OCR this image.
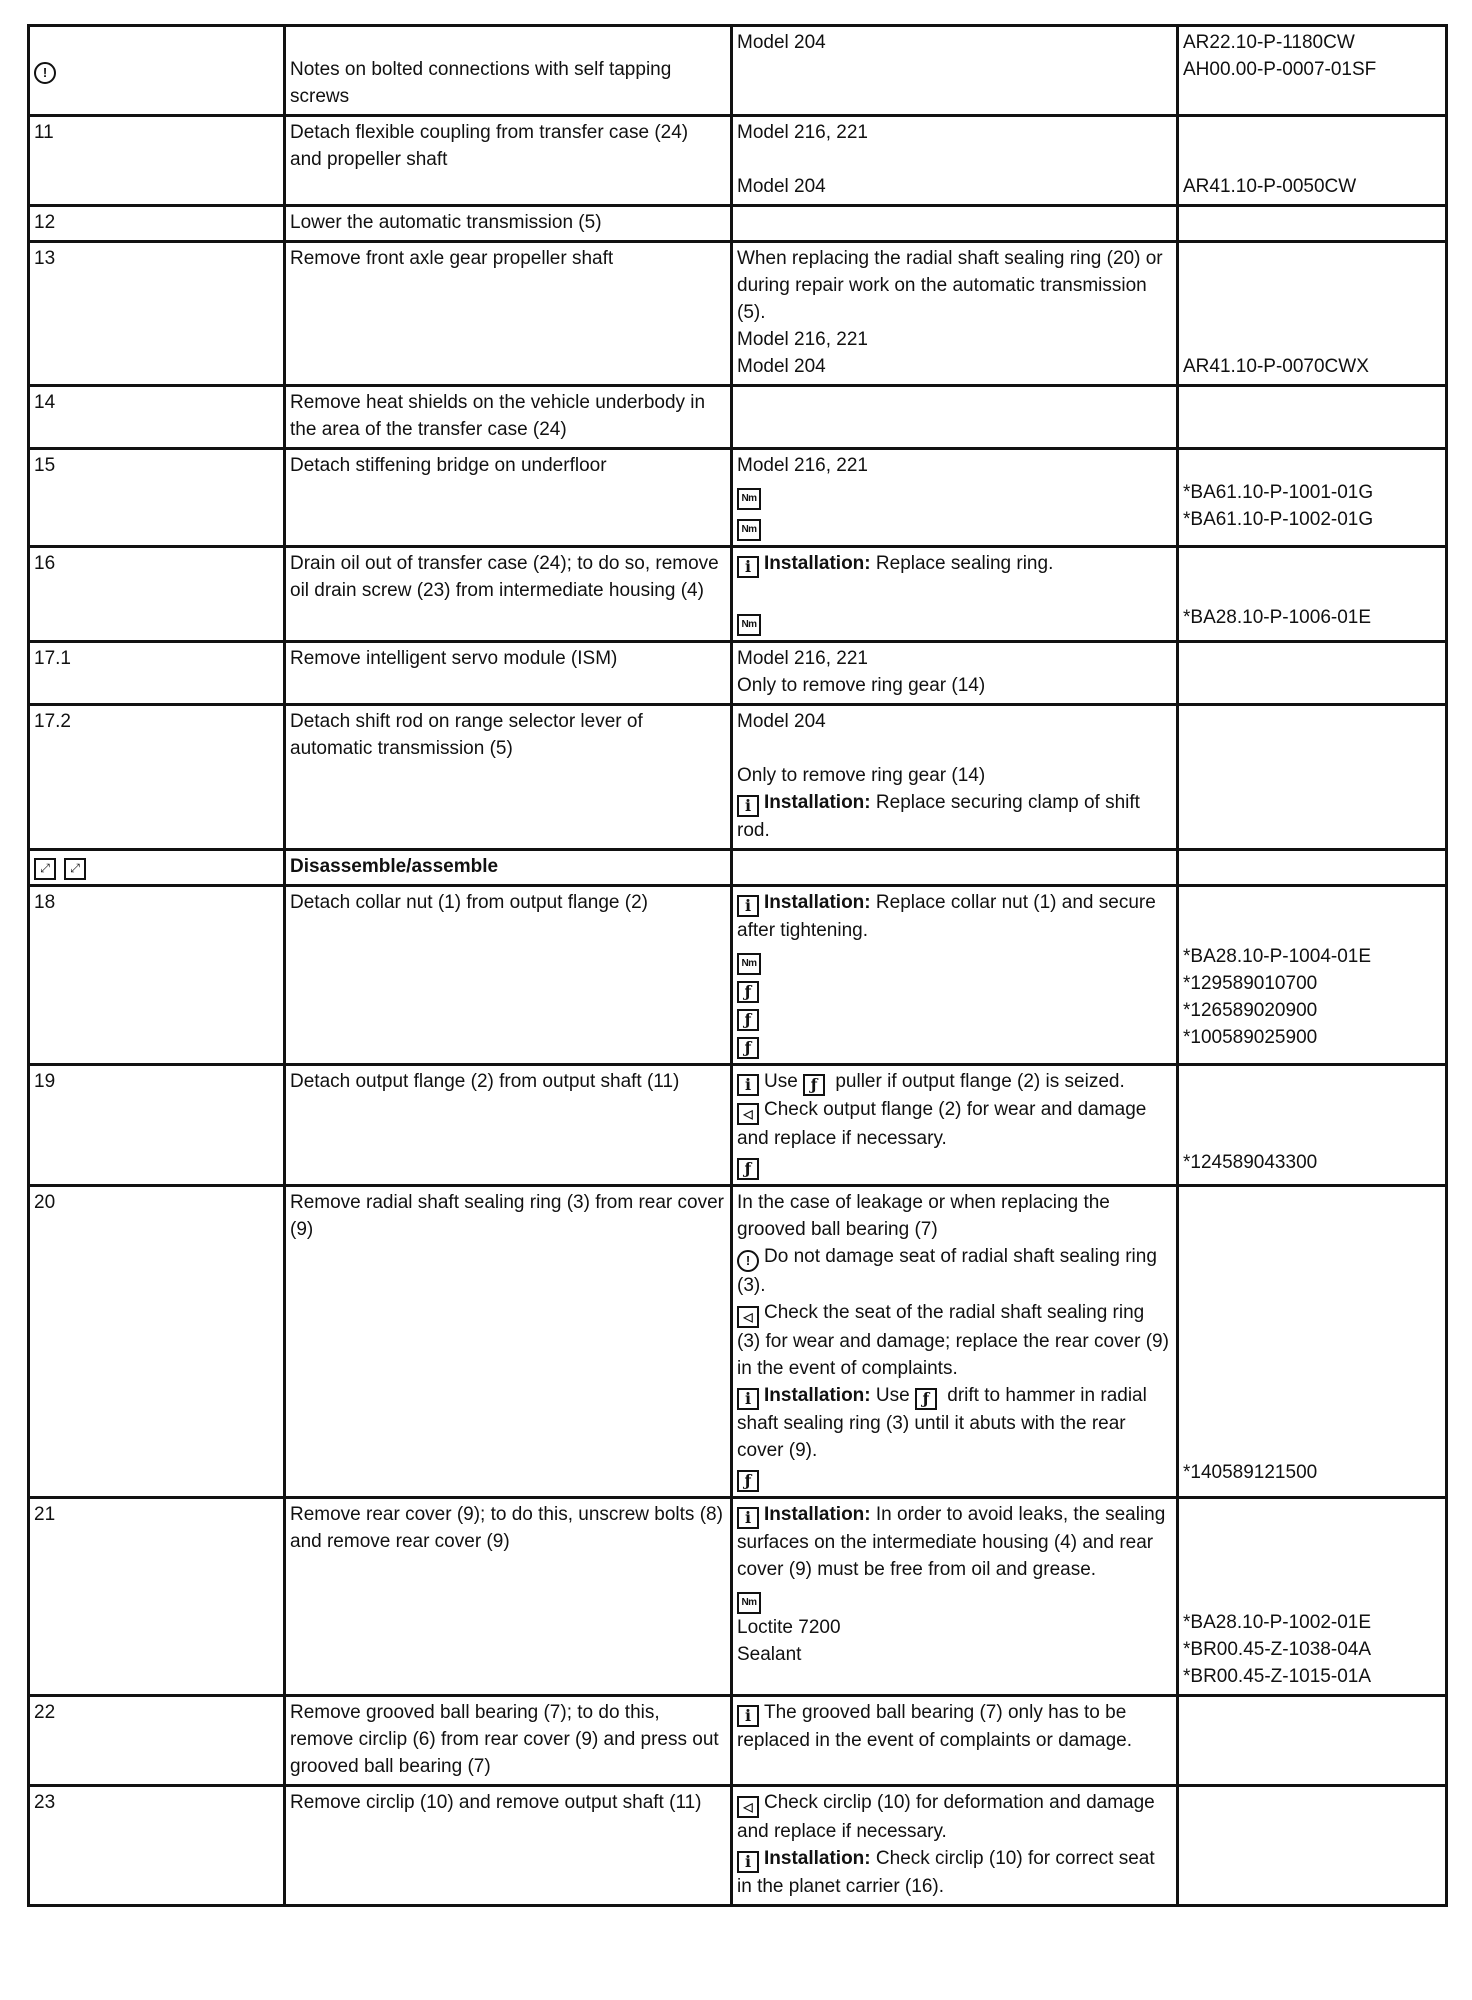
!	Notes on bolted connections with self tapping screws	Model 204	AR22.10-P-1180CW
AH00.00-P-0007-01SF

11	Detach flexible coupling from transfer case (24) and propeller shaft	Model 216, 221
Model 204	AR41.10-P-0050CW

12	Lower the automatic transmission (5)		
13	Remove front axle gear propeller shaft	When replacing the radial shaft sealing ring (20) or during repair work on the automatic transmission (5).
Model 216, 221
Model 204	AR41.10-P-0070CWX

14	Remove heat shields on the vehicle underbody in the area of the transfer case (24)		
15	Detach stiffening bridge on underfloor	Model 216, 221
Nm
Nm	*BA61.10-P-1001-01G
*BA61.10-P-1002-01G

16	Drain oil out of transfer case (24); to do so, remove oil drain screw (23) from intermediate housing (4)	i Installation: Replace sealing ring.
Nm	*BA28.10-P-1006-01E

17.1	Remove intelligent servo module (ISM)	Model 216, 221
Only to remove ring gear (14)	

17.2	Detach shift rod on range selector lever of automatic transmission (5)	Model 204
Only to remove ring gear (14)
i Installation: Replace securing clamp of shift rod.	

⤢ ⤢	Disassemble/assemble		
18	Detach collar nut (1) from output flange (2)	i Installation: Replace collar nut (1) and secure after tightening.
Nm
ƒ
ƒ
ƒ	*BA28.10-P-1004-01E
*129589010700
*126589020900
*100589025900

19	Detach output flange (2) from output shaft (11)	i Use ƒ puller if output flange (2) is seized.
◁ Check output flange (2) for wear and damage and replace if necessary.
ƒ	*124589043300

20	Remove radial shaft sealing ring (3) from rear cover (9)	In the case of leakage or when replacing the grooved ball bearing (7)
! Do not damage seat of radial shaft sealing ring (3).
◁ Check the seat of the radial shaft sealing ring (3) for wear and damage; replace the rear cover (9) in the event of complaints.
i Installation: Use ƒ drift to hammer in radial shaft sealing ring (3) until it abuts with the rear cover (9).
ƒ	*140589121500

21	Remove rear cover (9); to do this, unscrew bolts (8) and remove rear cover (9)	i Installation: In order to avoid leaks, the sealing surfaces on the intermediate housing (4) and rear cover (9) must be free from oil and grease.
Nm
Loctite 7200
Sealant	*BA28.10-P-1002-01E
*BR00.45-Z-1038-04A
*BR00.45-Z-1015-01A

22	Remove grooved ball bearing (7); to do this, remove circlip (6) from rear cover (9) and press out grooved ball bearing (7)	i The grooved ball bearing (7) only has to be replaced in the event of complaints or damage.	

23	Remove circlip (10) and remove output shaft (11)	◁ Check circlip (10) for deformation and damage and replace if necessary.
i Installation: Check circlip (10) for correct seat in the planet carrier (16).	
